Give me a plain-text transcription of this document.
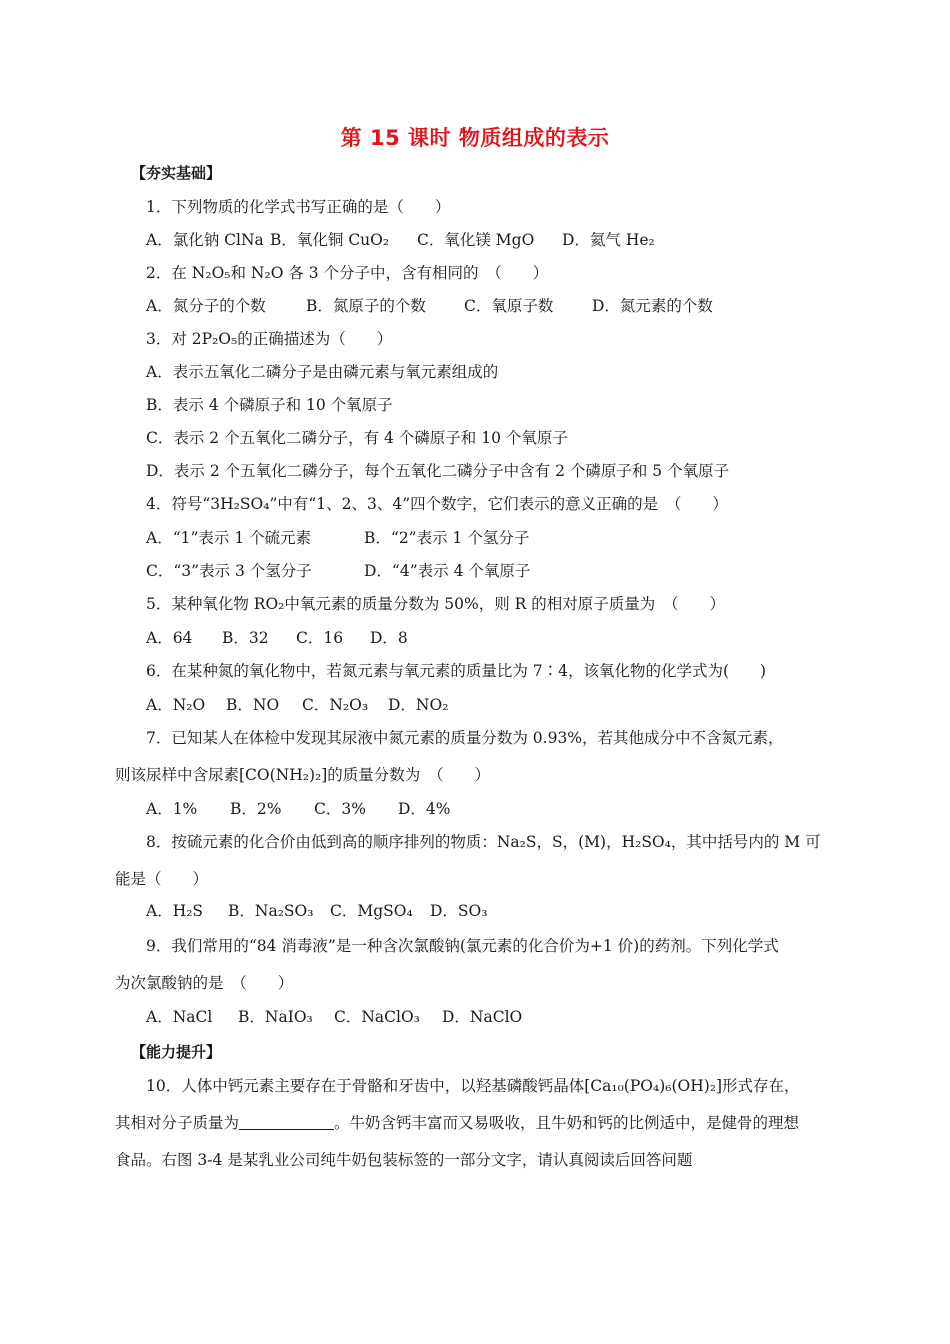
第 15 课时 物质组成的表示
【夯实基础】
1．下列物质的化学式书写正确的是（　　）
A．氯化钠 ClNa B．氧化铜 CuO₂ C．氧化镁 MgO D．氦气 He₂
2．在 N₂O₅和 N₂O 各 3 个分子中，含有相同的　（　　）
A．氮分子的个数	B．氮原子的个数 C．氧原子数 D．氮元素的个数
3．对 2P₂O₅的正确描述为（　　）
A．表示五氧化二磷分子是由磷元素与氧元素组成的
B．表示 4 个磷原子和 10 个氧原子
C．表示 2 个五氧化二磷分子，有 4 个磷原子和 10 个氧原子
D．表示 2 个五氧化二磷分子，每个五氧化二磷分子中含有 2 个磷原子和 5 个氧原子
4．符号“3H₂SO₄”中有“1、2、3、4”四个数字，它们表示的意义正确的是　（　　）
A．“1”表示 1 个硫元素	B．“2”表示 1 个氢分子
C．“3”表示 3 个氢分子	D．“4”表示 4 个氧原子
5．某种氧化物 RO₂中氧元素的质量分数为 50%，则 R 的相对原子质量为　（　　）
A．64 B．32 C．16 D．8
6．在某种氮的氧化物中，若氮元素与氧元素的质量比为 7∶4，该氧化物的化学式为(　　)
A．N₂O B．NO C．N₂O₃ D．NO₂
7．已知某人在体检中发现其尿液中氮元素的质量分数为 0.93%，若其他成分中不含氮元素，
则该尿样中含尿素[CO(NH₂)₂]的质量分数为　（　　）
A．1% B．2% C．3% D．4%
8．按硫元素的化合价由低到高的顺序排列的物质：Na₂S，S，(M)，H₂SO₄，其中括号内的 M 可
能是（　　）
A．H₂S B．Na₂SO₃ C．MgSO₄ D．SO₃
9．我们常用的“84 消毒液”是一种含次氯酸钠(氯元素的化合价为+1 价)的药剂。下列化学式
为次氯酸钠的是　（　　）
A．NaCl B．NaIO₃ C．NaClO₃ D．NaClO
【能力提升】
10．人体中钙元素主要存在于骨骼和牙齿中，以羟基磷酸钙晶体[Ca₁₀(PO₄)₆(OH)₂]形式存在，
其相对分子质量为	。牛奶含钙丰富而又易吸收，且牛奶和钙的比例适中，是健骨的理想
食品。右图 3-4 是某乳业公司纯牛奶包装标签的一部分文字，请认真阅读后回答问题
